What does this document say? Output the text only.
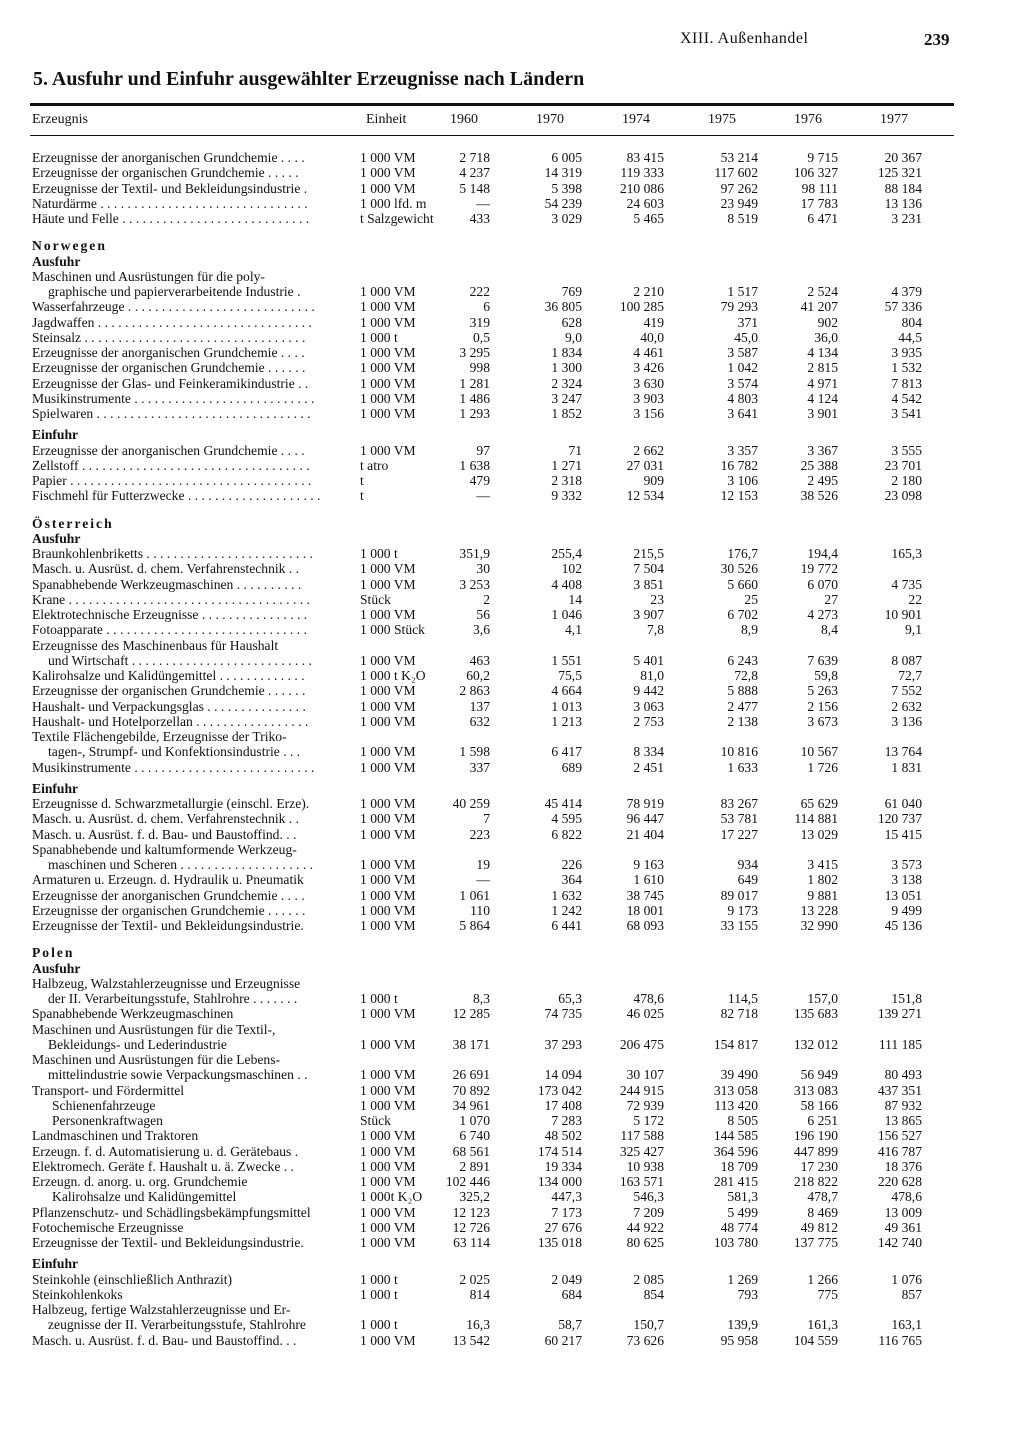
XIII. Außenhandel	239
5. Ausfuhr und Einfuhr ausgewählter Erzeugnisse nach Ländern
Erzeugnis	Einheit	1960	1970	1974	1975	1976	1977
Erzeugnisse der anorganischen Grundchemie . . . .	1 000 VM	2 718	6 005	83 415	53 214	9 715	20 367
Erzeugnisse der organischen Grundchemie . . . . .	1 000 VM	4 237	14 319	119 333	117 602	106 327	125 321
Erzeugnisse der Textil- und Bekleidungsindustrie .	1 000 VM	5 148	5 398	210 086	97 262	98 111	88 184
Naturdärme . . . . . . . . . . . . . . . . . . . . . . . . . . . . . . .	1 000 lfd. m	—	54 239	24 603	23 949	17 783	13 136
Häute und Felle . . . . . . . . . . . . . . . . . . . . . . . . . . . .	t Salzgewicht	433	3 029	5 465	8 519	6 471	3 231
Norwegen
Ausfuhr
Maschinen und Ausrüstungen für die poly-
graphische und papierverarbeitende Industrie .	1 000 VM	222	769	2 210	1 517	2 524	4 379
Wasserfahrzeuge . . . . . . . . . . . . . . . . . . . . . . . . . . . .	1 000 VM	6	36 805	100 285	79 293	41 207	57 336
Jagdwaffen . . . . . . . . . . . . . . . . . . . . . . . . . . . . . . . .	1 000 VM	319	628	419	371	902	804
Steinsalz . . . . . . . . . . . . . . . . . . . . . . . . . . . . . . . . .	1 000 t	0,5	9,0	40,0	45,0	36,0	44,5
Erzeugnisse der anorganischen Grundchemie . . . .	1 000 VM	3 295	1 834	4 461	3 587	4 134	3 935
Erzeugnisse der organischen Grundchemie . . . . . .	1 000 VM	998	1 300	3 426	1 042	2 815	1 532
Erzeugnisse der Glas- und Feinkeramikindustrie . .	1 000 VM	1 281	2 324	3 630	3 574	4 971	7 813
Musikinstrumente . . . . . . . . . . . . . . . . . . . . . . . . . . .	1 000 VM	1 486	3 247	3 903	4 803	4 124	4 542
Spielwaren . . . . . . . . . . . . . . . . . . . . . . . . . . . . . . . .	1 000 VM	1 293	1 852	3 156	3 641	3 901	3 541
Einfuhr
Erzeugnisse der anorganischen Grundchemie . . . .	1 000 VM	97	71	2 662	3 357	3 367	3 555
Zellstoff . . . . . . . . . . . . . . . . . . . . . . . . . . . . . . . . . .	t atro	1 638	1 271	27 031	16 782	25 388	23 701
Papier . . . . . . . . . . . . . . . . . . . . . . . . . . . . . . . . . . . .	t	479	2 318	909	3 106	2 495	2 180
Fischmehl für Futterzwecke . . . . . . . . . . . . . . . . . . . .	t	—	9 332	12 534	12 153	38 526	23 098
Österreich
Ausfuhr
Braunkohlenbriketts . . . . . . . . . . . . . . . . . . . . . . . . .	1 000 t	351,9	255,4	215,5	176,7	194,4	165,3
Masch. u. Ausrüst. d. chem. Verfahrenstechnik . .	1 000 VM	30	102	7 504	30 526	19 772
Spanabhebende Werkzeugmaschinen . . . . . . . . . .	1 000 VM	3 253	4 408	3 851	5 660	6 070	4 735
Krane . . . . . . . . . . . . . . . . . . . . . . . . . . . . . . . . . . . .	Stück	2	14	23	25	27	22
Elektrotechnische Erzeugnisse . . . . . . . . . . . . . . . .	1 000 VM	56	1 046	3 907	6 702	4 273	10 901
Fotoapparate . . . . . . . . . . . . . . . . . . . . . . . . . . . . . .	1 000 Stück	3,6	4,1	7,8	8,9	8,4	9,1
Erzeugnisse des Maschinenbaus für Haushalt
und Wirtschaft . . . . . . . . . . . . . . . . . . . . . . . . . . .	1 000 VM	463	1 551	5 401	6 243	7 639	8 087
Kalirohsalze und Kalidüngemittel . . . . . . . . . . . . .	1 000 t K₂O	60,2	75,5	81,0	72,8	59,8	72,7
Erzeugnisse der organischen Grundchemie . . . . . .	1 000 VM	2 863	4 664	9 442	5 888	5 263	7 552
Haushalt- und Verpackungsglas . . . . . . . . . . . . . . .	1 000 VM	137	1 013	3 063	2 477	2 156	2 632
Haushalt- und Hotelporzellan . . . . . . . . . . . . . . . . .	1 000 VM	632	1 213	2 753	2 138	3 673	3 136
Textile Flächengebilde, Erzeugnisse der Triko-
tagen-, Strumpf- und Konfektionsindustrie . . .	1 000 VM	1 598	6 417	8 334	10 816	10 567	13 764
Musikinstrumente . . . . . . . . . . . . . . . . . . . . . . . . . . .	1 000 VM	337	689	2 451	1 633	1 726	1 831
Einfuhr
Erzeugnisse d. Schwarzmetallurgie (einschl. Erze).	1 000 VM	40 259	45 414	78 919	83 267	65 629	61 040
Masch. u. Ausrüst. d. chem. Verfahrenstechnik . .	1 000 VM	7	4 595	96 447	53 781	114 881	120 737
Masch. u. Ausrüst. f. d. Bau- und Baustoffind. . .	1 000 VM	223	6 822	21 404	17 227	13 029	15 415
Spanabhebende und kaltumformende Werkzeug-
maschinen und Scheren . . . . . . . . . . . . . . . . . . . .	1 000 VM	19	226	9 163	934	3 415	3 573
Armaturen u. Erzeugn. d. Hydraulik u. Pneumatik	1 000 VM	—	364	1 610	649	1 802	3 138
Erzeugnisse der anorganischen Grundchemie . . . .	1 000 VM	1 061	1 632	38 745	89 017	9 881	13 051
Erzeugnisse der organischen Grundchemie . . . . . .	1 000 VM	110	1 242	18 001	9 173	13 228	9 499
Erzeugnisse der Textil- und Bekleidungsindustrie.	1 000 VM	5 864	6 441	68 093	33 155	32 990	45 136
Polen
Ausfuhr
Halbzeug, Walzstahlerzeugnisse und Erzeugnisse
der II. Verarbeitungsstufe, Stahlrohre . . . . . . .	1 000 t	8,3	65,3	478,6	114,5	157,0	151,8
Spanabhebende Werkzeugmaschinen	1 000 VM	12 285	74 735	46 025	82 718	135 683	139 271
Maschinen und Ausrüstungen für die Textil-,
Bekleidungs- und Lederindustrie	1 000 VM	38 171	37 293	206 475	154 817	132 012	111 185
Maschinen und Ausrüstungen für die Lebens-
mittelindustrie sowie Verpackungsmaschinen . .	1 000 VM	26 691	14 094	30 107	39 490	56 949	80 493
Transport- und Fördermittel	1 000 VM	70 892	173 042	244 915	313 058	313 083	437 351
Schienenfahrzeuge	1 000 VM	34 961	17 408	72 939	113 420	58 166	87 932
Personenkraftwagen	Stück	1 070	7 283	5 172	8 505	6 251	13 865
Landmaschinen und Traktoren	1 000 VM	6 740	48 502	117 588	144 585	196 190	156 527
Erzeugn. f. d. Automatisierung u. d. Gerätebaus .	1 000 VM	68 561	174 514	325 427	364 596	447 899	416 787
Elektromech. Geräte f. Haushalt u. ä. Zwecke . .	1 000 VM	2 891	19 334	10 938	18 709	17 230	18 376
Erzeugn. d. anorg. u. org. Grundchemie	1 000 VM	102 446	134 000	163 571	281 415	218 822	220 628
Kalirohsalze und Kalidüngemittel	1 000t K₂O	325,2	447,3	546,3	581,3	478,7	478,6
Pflanzenschutz- und Schädlingsbekämpfungsmittel	1 000 VM	12 123	7 173	7 209	5 499	8 469	13 009
Fotochemische Erzeugnisse	1 000 VM	12 726	27 676	44 922	48 774	49 812	49 361
Erzeugnisse der Textil- und Bekleidungsindustrie.	1 000 VM	63 114	135 018	80 625	103 780	137 775	142 740
Einfuhr
Steinkohle (einschließlich Anthrazit)	1 000 t	2 025	2 049	2 085	1 269	1 266	1 076
Steinkohlenkoks	1 000 t	814	684	854	793	775	857
Halbzeug, fertige Walzstahlerzeugnisse und Er-
zeugnisse der II. Verarbeitungsstufe, Stahlrohre	1 000 t	16,3	58,7	150,7	139,9	161,3	163,1
Masch. u. Ausrüst. f. d. Bau- und Baustoffind. . .	1 000 VM	13 542	60 217	73 626	95 958	104 559	116 765
